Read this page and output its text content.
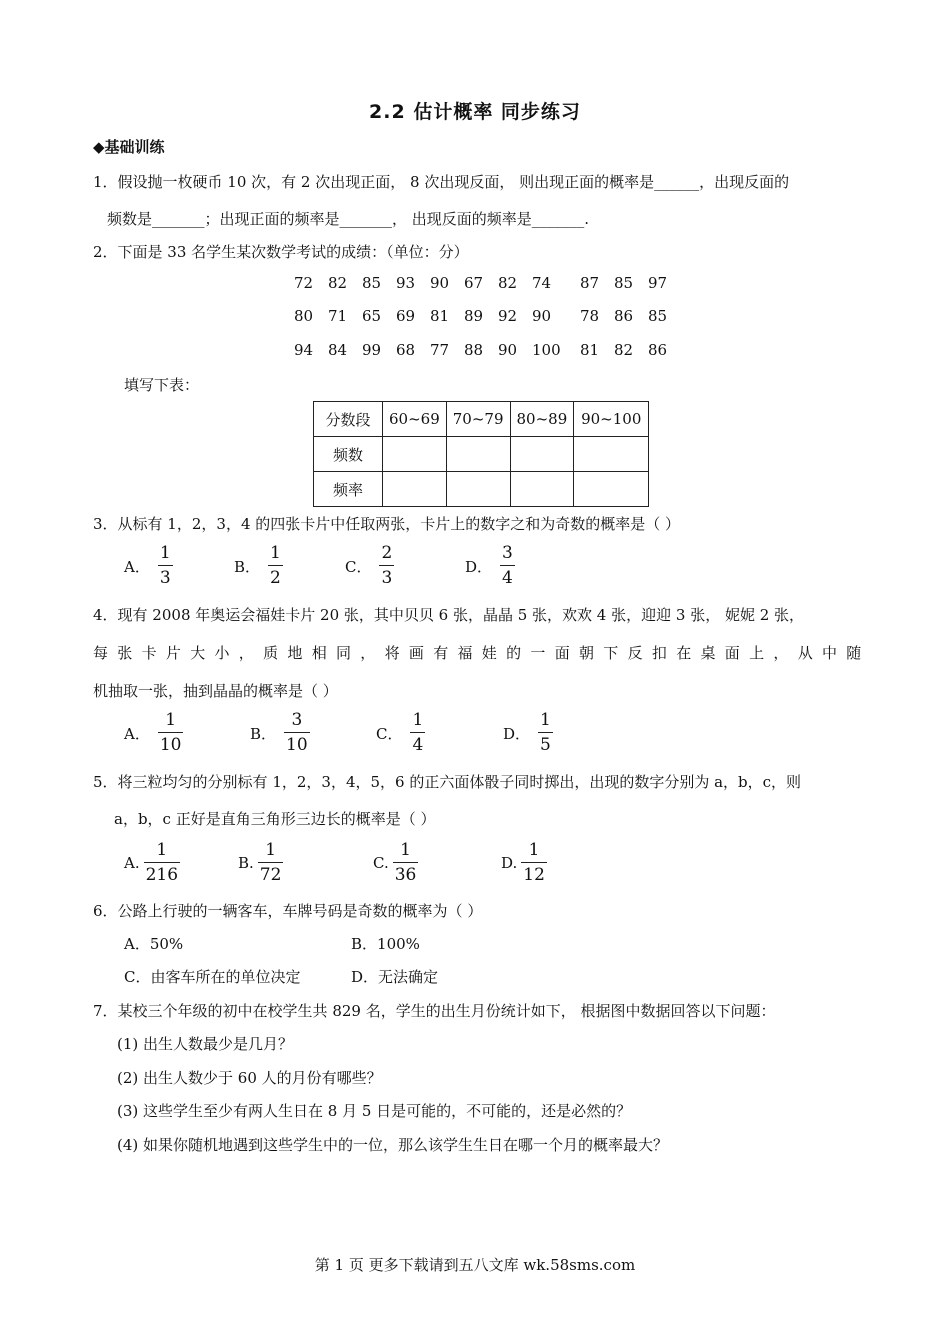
2.2 估计概率 同步练习
◆基础训练
1．假设抛一枚硬币 10 次，有 2 次出现正面， 8 次出现反面， 则出现正面的概率是______，出现反面的
频数是_______；出现正面的频率是_______， 出现反面的频率是_______.
2．下面是 33 名学生某次数学考试的成绩：（单位：分）
72 82 85 93 90 67 82 74 87 85 97
80 71 65 69 81 89 92 90 78 86 85
94 84 99 68 77 88 90 100 81 82 86
填写下表：
分数段	60~69	70~79	80~89	90~100
频数				
频率				
3．从标有 1，2，3，4 的四张卡片中任取两张，卡片上的数字之和为奇数的概率是（ ）
A． $\frac{1}{3}$	B． $\frac{1}{2}$	C． $\frac{2}{3}$	D． $\frac{3}{4}$
4．现有 2008 年奥运会福娃卡片 20 张，其中贝贝 6 张，晶晶 5 张，欢欢 4 张，迎迎 3 张， 妮妮 2 张，
每张卡片大小，质地相同，将画有福娃的一面朝下反扣在桌面上，从中随
机抽取一张，抽到晶晶的概率是（ ）
A． $\frac{1}{10}$	B． $\frac{3}{10}$	C． $\frac{1}{4}$	D． $\frac{1}{5}$
5．将三粒均匀的分别标有 1，2，3，4，5，6 的正六面体骰子同时掷出，出现的数字分别为 a，b，c，则
a，b，c 正好是直角三角形三边长的概率是（ ）
A. $\frac{1}{216}$	B. $\frac{1}{72}$	C. $\frac{1}{36}$	D. $\frac{1}{12}$
6．公路上行驶的一辆客车，车牌号码是奇数的概率为（ ）
A．50%	B．100%
C．由客车所在的单位决定	D．无法确定
7．某校三个年级的初中在校学生共 829 名，学生的出生月份统计如下， 根据图中数据回答以下问题：
(1) 出生人数最少是几月？
(2) 出生人数少于 60 人的月份有哪些？
(3) 这些学生至少有两人生日在 8 月 5 日是可能的，不可能的，还是必然的？
(4) 如果你随机地遇到这些学生中的一位，那么该学生生日在哪一个月的概率最大？
第 1 页 更多下载请到五八文库 wk.58sms.com
